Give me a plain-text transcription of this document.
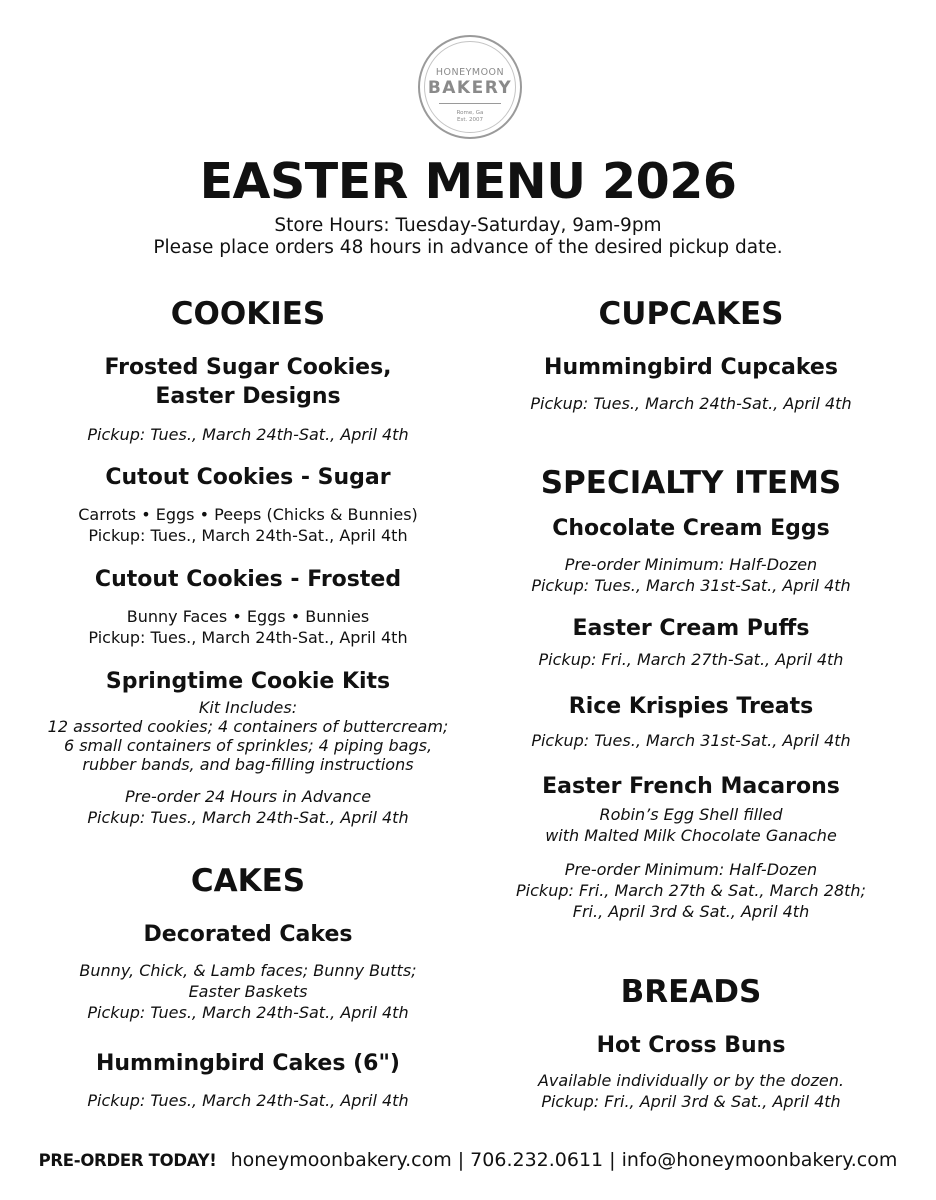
HONEYMOON
BAKERY
Rome, Ga
Est. 2007
EASTER MENU 2026
Store Hours: Tuesday-Saturday, 9am-9pm
Please place orders 48 hours in advance of the desired pickup date.
COOKIES
Frosted Sugar Cookies,
Easter Designs
Pickup: Tues., March 24th-Sat., April 4th
Cutout Cookies - Sugar
Carrots • Eggs • Peeps (Chicks & Bunnies)
Pickup: Tues., March 24th-Sat., April 4th
Cutout Cookies - Frosted
Bunny Faces • Eggs • Bunnies
Pickup: Tues., March 24th-Sat., April 4th
Springtime Cookie Kits
Kit Includes:
12 assorted cookies; 4 containers of buttercream;
6 small containers of sprinkles; 4 piping bags,
rubber bands, and bag-filling instructions
Pre-order 24 Hours in Advance
Pickup: Tues., March 24th-Sat., April 4th
CAKES
Decorated Cakes
Bunny, Chick, & Lamb faces; Bunny Butts;
Easter Baskets
Pickup: Tues., March 24th-Sat., April 4th
Hummingbird Cakes (6")
Pickup: Tues., March 24th-Sat., April 4th
CUPCAKES
Hummingbird Cupcakes
Pickup: Tues., March 24th-Sat., April 4th
SPECIALTY ITEMS
Chocolate Cream Eggs
Pre-order Minimum: Half-Dozen
Pickup: Tues., March 31st-Sat., April 4th
Easter Cream Puffs
Pickup: Fri., March 27th-Sat., April 4th
Rice Krispies Treats
Pickup: Tues., March 31st-Sat., April 4th
Easter French Macarons
Robin’s Egg Shell filled
with Malted Milk Chocolate Ganache
Pre-order Minimum: Half-Dozen
Pickup: Fri., March 27th & Sat., March 28th;
Fri., April 3rd & Sat., April 4th
BREADS
Hot Cross Buns
Available individually or by the dozen.
Pickup: Fri., April 3rd & Sat., April 4th
PRE-ORDER TODAY! honeymoonbakery.com | 706.232.0611 | info@honeymoonbakery.com
